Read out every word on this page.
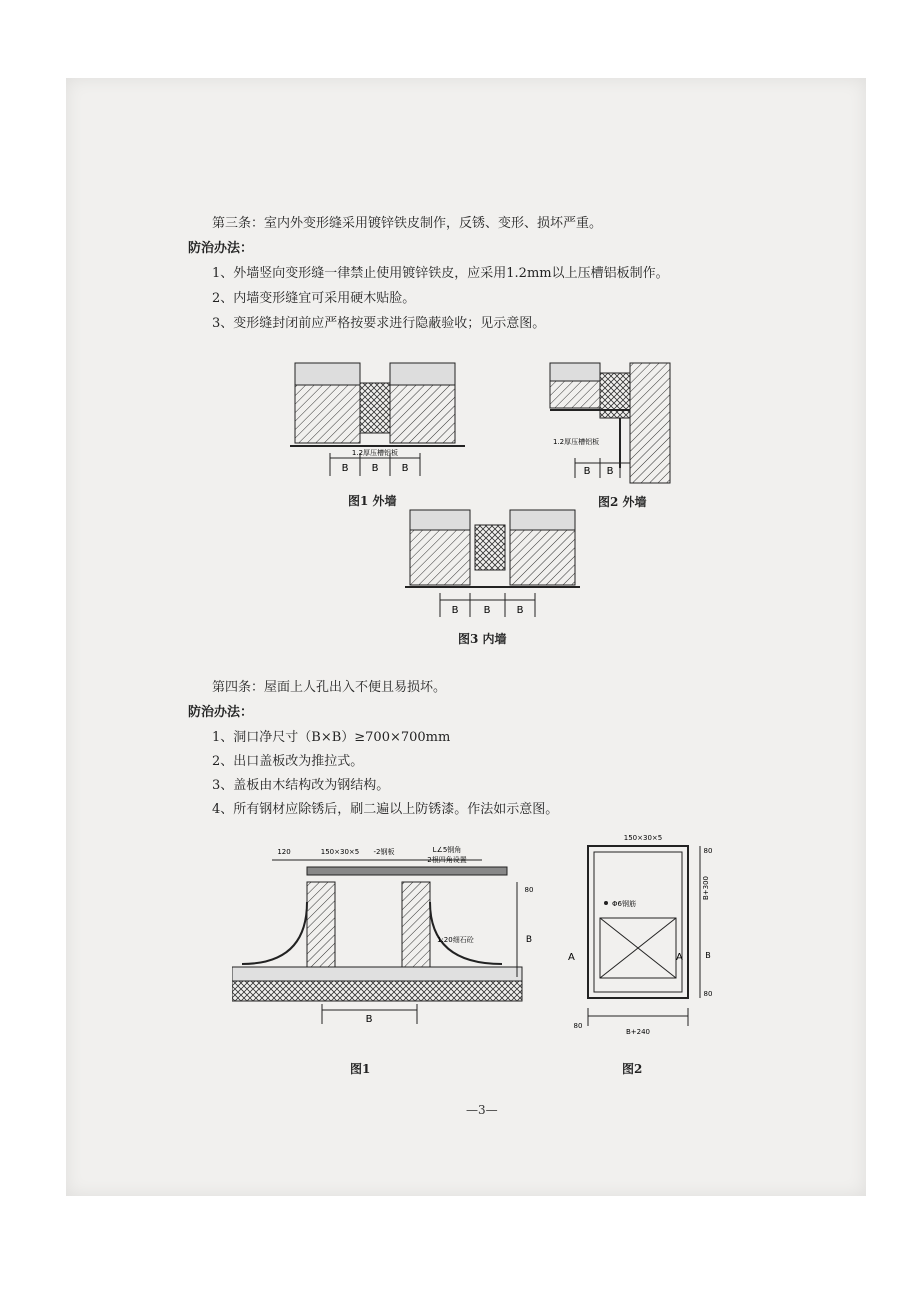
第三条：室内外变形缝采用镀锌铁皮制作，反锈、变形、损坏严重。
防治办法：
1、外墙竖向变形缝一律禁止使用镀锌铁皮，应采用1.2mm以上压槽铝板制作。
2、内墙变形缝宜可采用硬木贴脸。
3、变形缝封闭前应严格按要求进行隐蔽验收；见示意图。
1.2厚压槽铝板
B B B
图1 外墙
1.2厚压槽铝板
B B
图2 外墙
B	B	B
图3 内墙
第四条：屋面上人孔出入不便且易损坏。
防治办法：
1、洞口净尺寸（B×B）≥700×700mm
2、出口盖板改为推拉式。
3、盖板由木结构改为钢结构。
4、所有钢材应除锈后，刷二遍以上防锈漆。作法如示意图。
120	150×30×5 -2钢板	L∠5钢角
2根四角设置
1:20细石砼
80
B
B
图1
150×30×5
Φ6钢筋
B+300
B
B+240
A	A
80
80
80
图2
—3—
